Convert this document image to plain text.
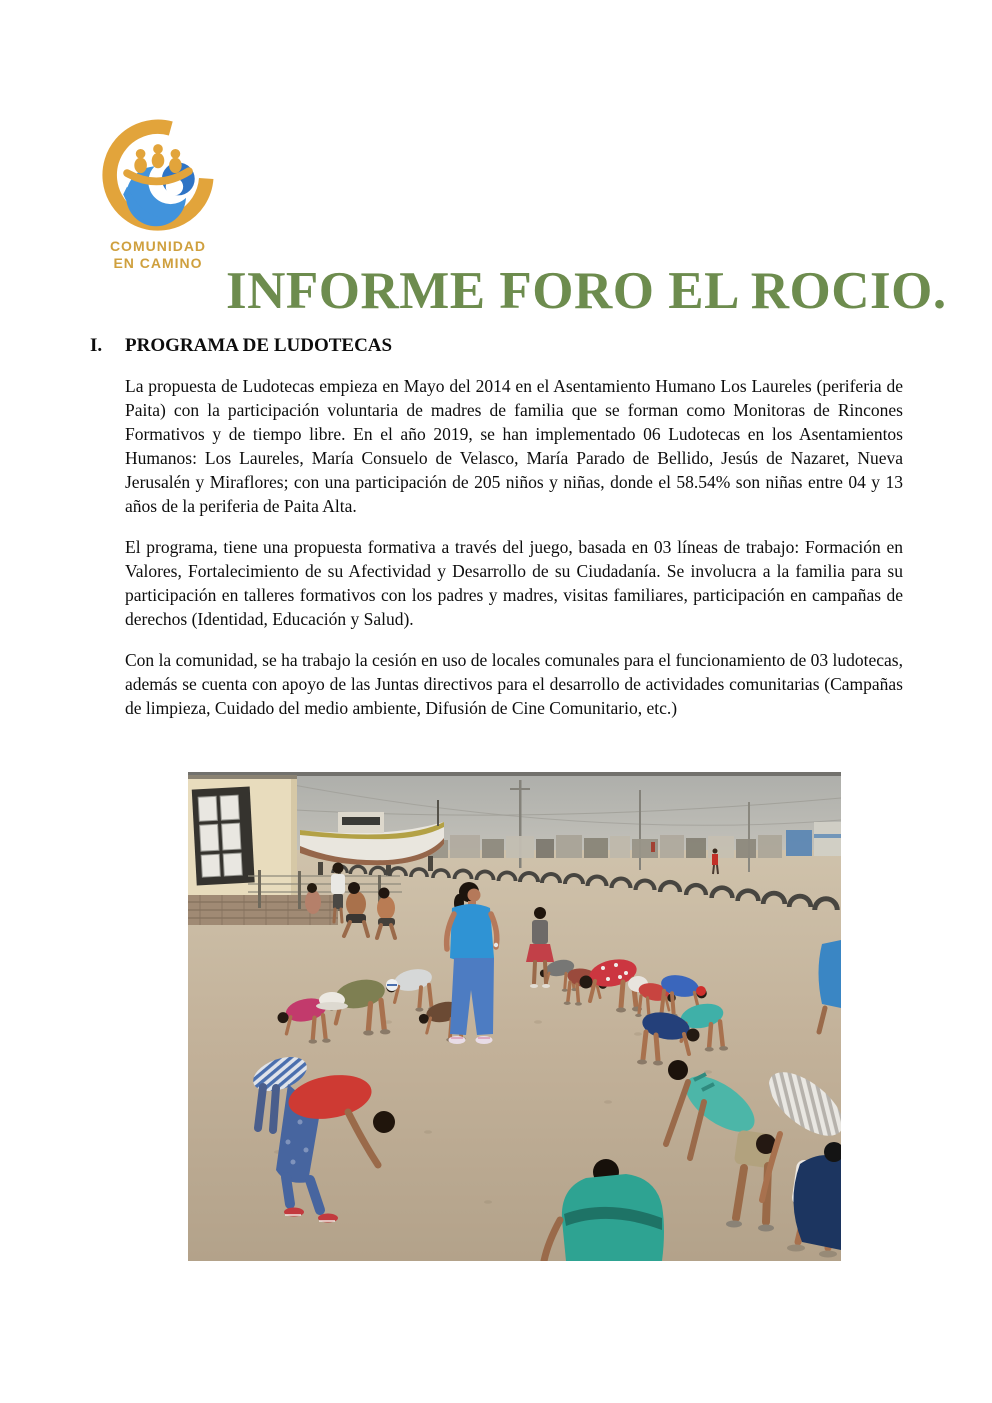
COMUNIDAD
EN CAMINO INFORME FORO EL ROCIO.
I.	PROGRAMA DE LUDOTECAS

La propuesta de Ludotecas empieza en Mayo del 2014 en el Asentamiento Humano Los Laureles (periferia de Paita) con la participación voluntaria de madres de familia que se forman como Monitoras de Rincones Formativos y de tiempo libre. En el año 2019, se han implementado 06 Ludotecas en los Asentamientos Humanos: Los Laureles, María Consuelo de Velasco, María Parado de Bellido, Jesús de Nazaret, Nueva Jerusalén y Miraflores; con una participación de 205 niños y niñas, donde el 58.54% son niñas entre 04 y 13 años de la periferia de Paita Alta.

El programa, tiene una propuesta formativa a través del juego, basada en 03 líneas de trabajo: Formación en Valores, Fortalecimiento de su Afectividad y Desarrollo de su Ciudadanía. Se involucra a la familia para su participación en talleres formativos con los padres y madres, visitas familiares, participación en campañas de derechos (Identidad, Educación y Salud).

Con la comunidad, se ha trabajo la cesión en uso de locales comunales para el funcionamiento de 03 ludotecas, además se cuenta con apoyo de las Juntas directivos para el desarrollo de actividades comunitarias (Campañas de limpieza, Cuidado del medio ambiente, Difusión de Cine Comunitario, etc.)
